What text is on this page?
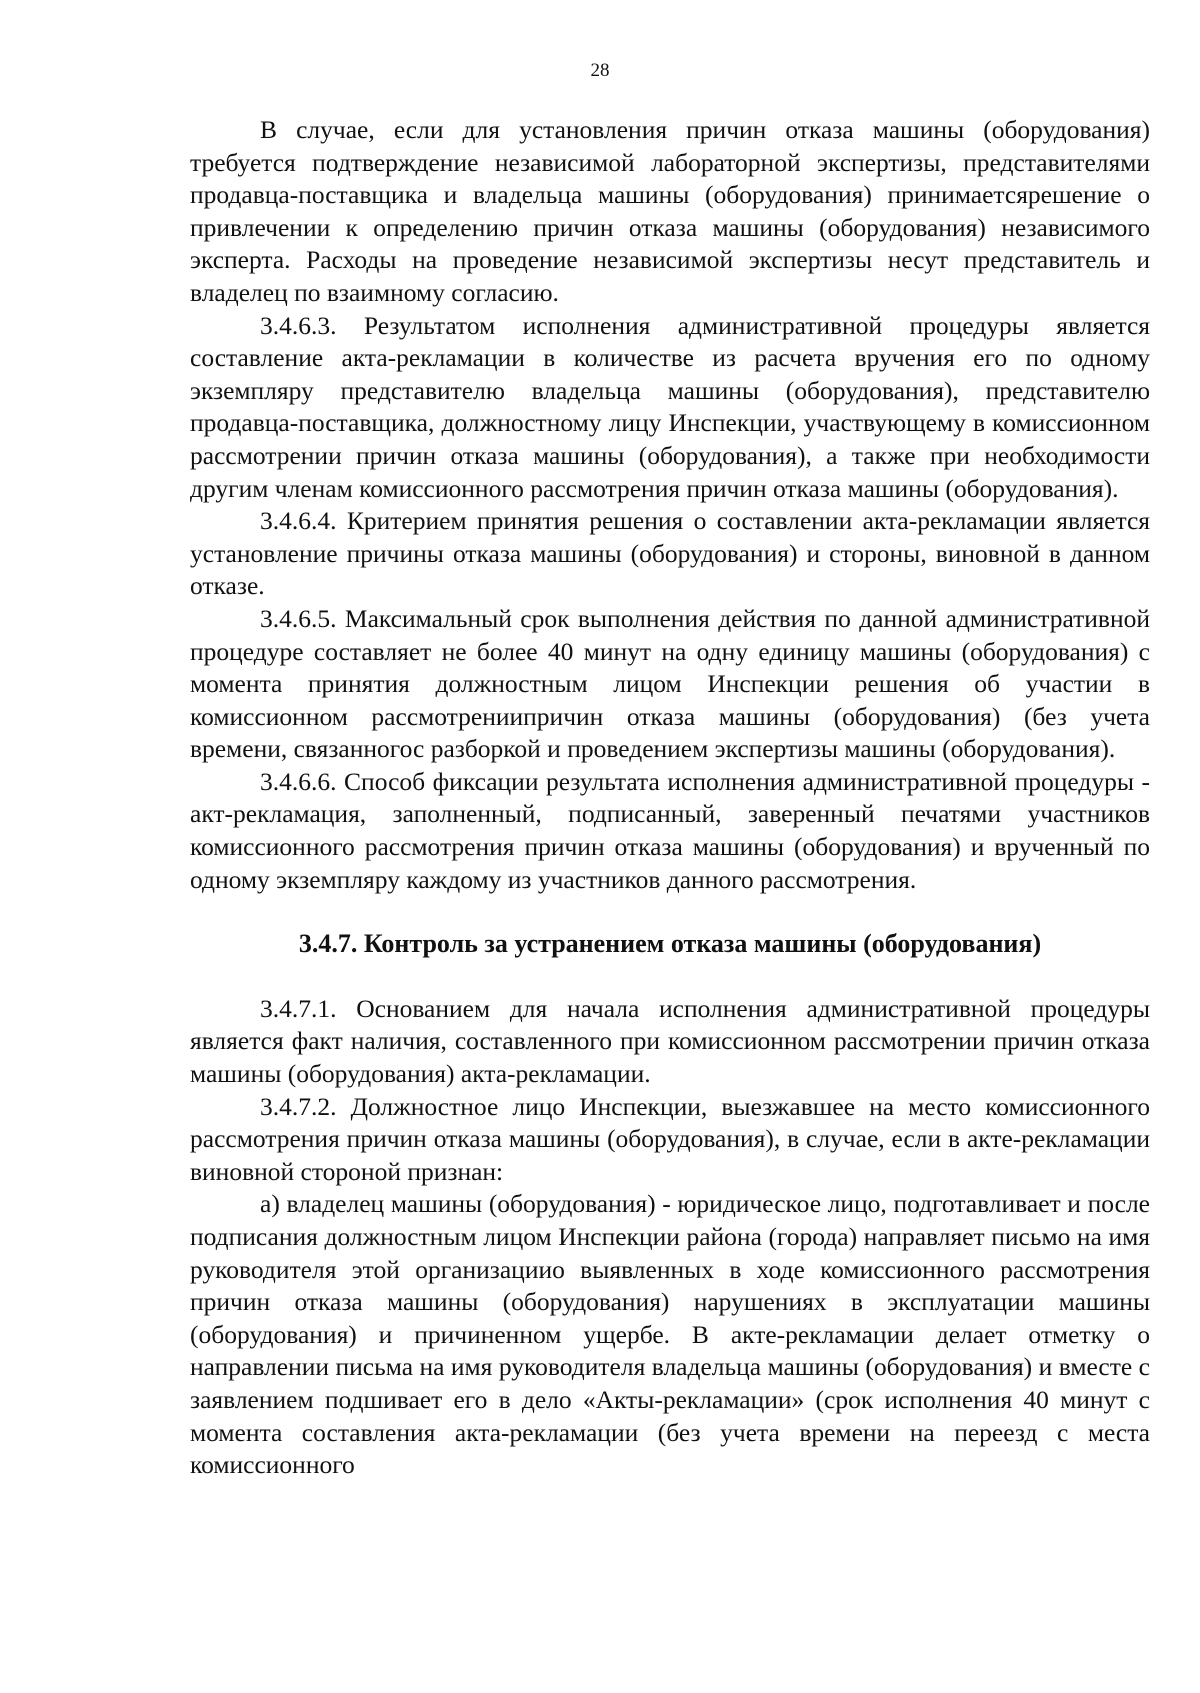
28

В случае, если для установления причин отказа машины (оборудования) требуется подтверждение независимой лабораторной экспертизы, представителями продавца-поставщика и владельца машины (оборудования) принимаетсярешение о привлечении к определению причин отказа машины (оборудования) независимого эксперта. Расходы на проведение независимой экспертизы несут представитель и владелец по взаимному согласию.

3.4.6.3. Результатом исполнения административной процедуры является составление акта-рекламации в количестве из расчета вручения его по одному экземпляру представителю владельца машины (оборудования), представителю продавца-поставщика, должностному лицу Инспекции, участвующему в комиссионном рассмотрении причин отказа машины (оборудования), а также при необходимости другим членам комиссионного рассмотрения причин отказа машины (оборудования).

3.4.6.4. Критерием принятия решения о составлении акта-рекламации является установление причины отказа машины (оборудования) и стороны, виновной в данном отказе.

3.4.6.5. Максимальный срок выполнения действия по данной административной процедуре составляет не более 40 минут на одну единицу машины (оборудования) с момента принятия должностным лицом Инспекции решения об участии в комиссионном рассмотрениипричин отказа машины (оборудования) (без учета времени, связанногос разборкой и проведением экспертизы машины (оборудования).

3.4.6.6. Способ фиксации результата исполнения административной процедуры - акт-рекламация, заполненный, подписанный, заверенный печатями участников комиссионного рассмотрения причин отказа машины (оборудования) и врученный по одному экземпляру каждому из участников данного рассмотрения.

3.4.7. Контроль за устранением отказа машины (оборудования)

3.4.7.1. Основанием для начала исполнения административной процедуры является факт наличия, составленного при комиссионном рассмотрении причин отказа машины (оборудования) акта-рекламации.

3.4.7.2. Должностное лицо Инспекции, выезжавшее на место комиссионного рассмотрения причин отказа машины (оборудования), в случае, если в акте-рекламации виновной стороной признан:

а) владелец машины (оборудования) - юридическое лицо, подготавливает и после подписания должностным лицом Инспекции района (города) направляет письмо на имя руководителя этой организацииo выявленных в ходе комиссионного рассмотрения причин отказа машины (оборудования) нарушениях в эксплуатации машины (оборудования) и причиненном ущербе. В акте-рекламации делает отметку о направлении письма на имя руководителя владельца машины (оборудования) и вместе с заявлением подшивает его в дело «Акты-рекламации» (срок исполнения 40 минут с момента составления акта-рекламации (без учета времени на переезд с места комиссионного
